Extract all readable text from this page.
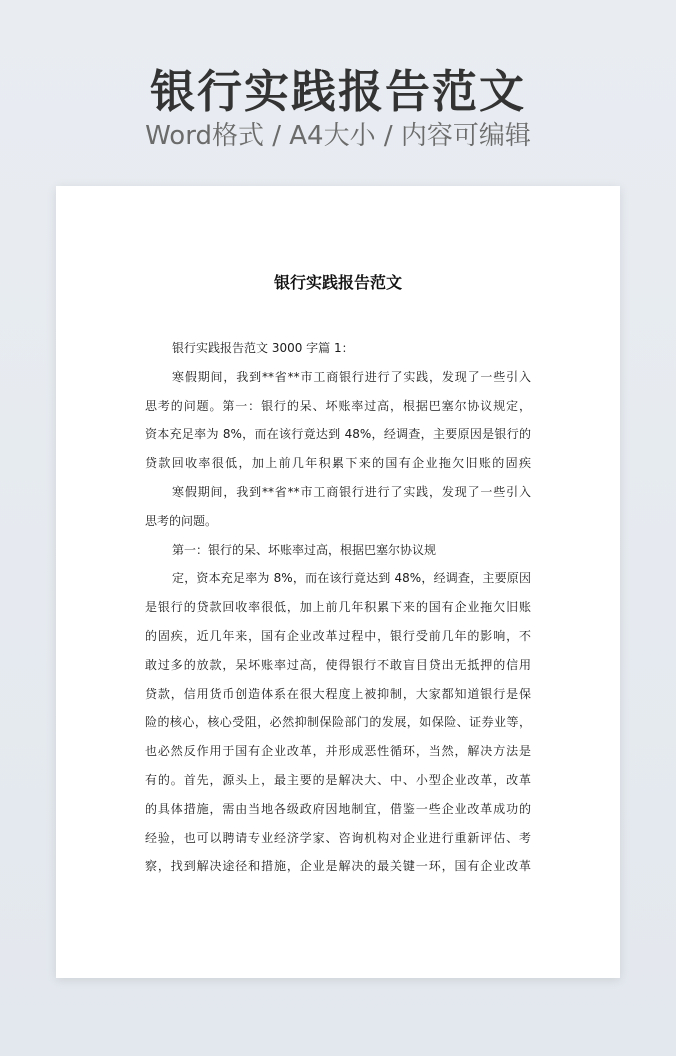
银行实践报告范文
Word格式 / A4大小 / 内容可编辑
银行实践报告范文
银行实践报告范文 3000 字篇 1：
寒假期间，我到**省**市工商银行进行了实践，发现了一些引入
思考的问题。第一：银行的呆、坏账率过高，根据巴塞尔协议规定，
资本充足率为 8%，而在该行竟达到 48%，经调查，主要原因是银行的
贷款回收率很低，加上前几年积累下来的国有企业拖欠旧账的固疾
寒假期间，我到**省**市工商银行进行了实践，发现了一些引入
思考的问题。
第一：银行的呆、坏账率过高，根据巴塞尔协议规
定，资本充足率为 8%，而在该行竟达到 48%，经调查，主要原因
是银行的贷款回收率很低，加上前几年积累下来的国有企业拖欠旧账
的固疾，近几年来，国有企业改革过程中，银行受前几年的影响，不
敢过多的放款，呆坏账率过高，使得银行不敢盲目贷出无抵押的信用
贷款，信用货币创造体系在很大程度上被抑制，大家都知道银行是保
险的核心，核心受阻，必然抑制保险部门的发展，如保险、证券业等，
也必然反作用于国有企业改革，并形成恶性循环，当然，解决方法是
有的。首先，源头上，最主要的是解决大、中、小型企业改革，改革
的具体措施，需由当地各级政府因地制宜，借鉴一些企业改革成功的
经验，也可以聘请专业经济学家、咨询机构对企业进行重新评估、考
察，找到解决途径和措施，企业是解决的最关键一环，国有企业改革
